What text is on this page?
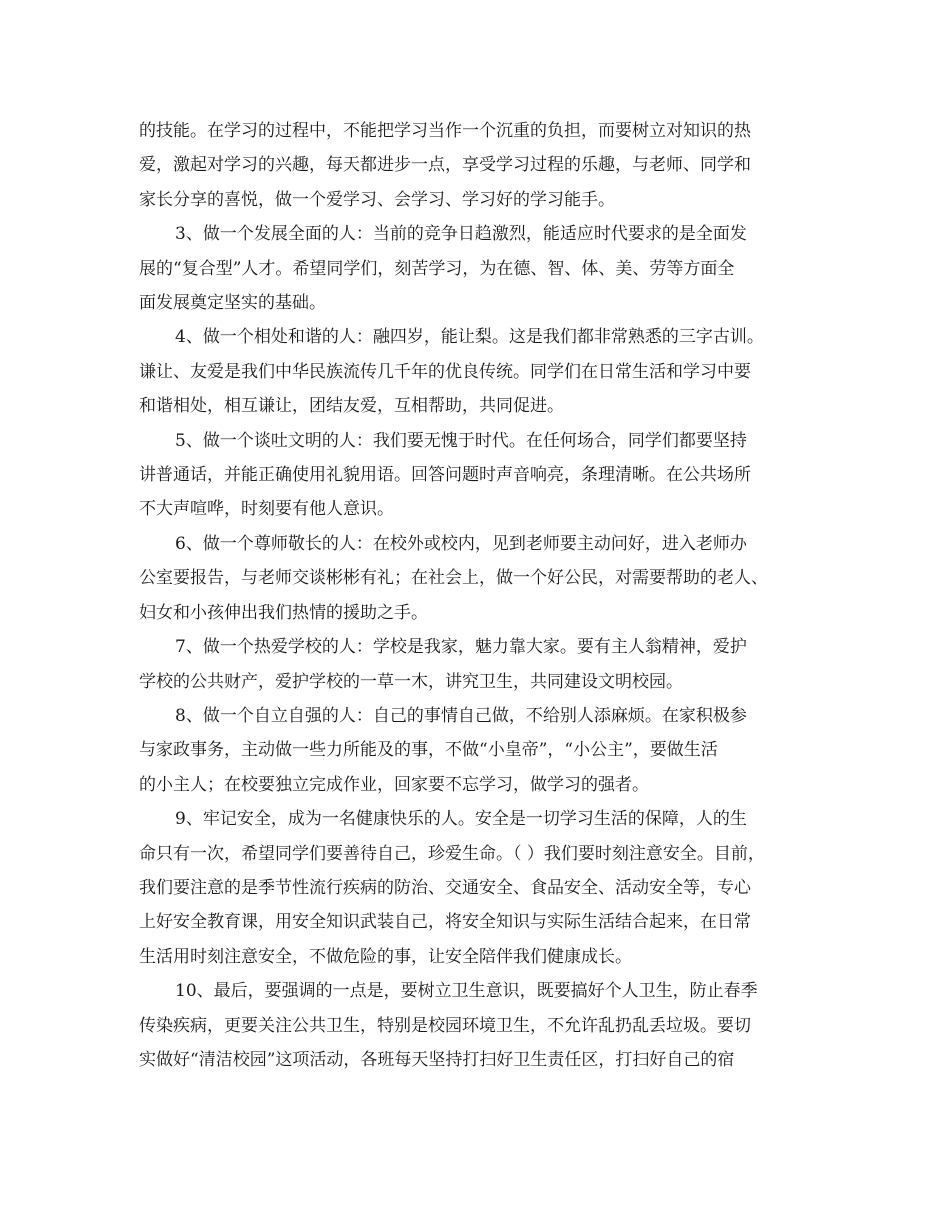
的技能。在学习的过程中，不能把学习当作一个沉重的负担，而要树立对知识的热
爱，激起对学习的兴趣，每天都进步一点，享受学习过程的乐趣，与老师、同学和
家长分享的喜悦，做一个爱学习、会学习、学习好的学习能手。

3、做一个发展全面的人：当前的竞争日趋激烈，能适应时代要求的是全面发
展的“复合型”人才。希望同学们，刻苦学习，为在德、智、体、美、劳等方面全
面发展奠定坚实的基础。

4、做一个相处和谐的人：融四岁，能让梨。这是我们都非常熟悉的三字古训。
谦让、友爱是我们中华民族流传几千年的优良传统。同学们在日常生活和学习中要
和谐相处，相互谦让，团结友爱，互相帮助，共同促进。

5、做一个谈吐文明的人：我们要无愧于时代。在任何场合，同学们都要坚持
讲普通话，并能正确使用礼貌用语。回答问题时声音响亮，条理清晰。在公共场所
不大声喧哗，时刻要有他人意识。

6、做一个尊师敬长的人：在校外或校内，见到老师要主动问好，进入老师办
公室要报告，与老师交谈彬彬有礼；在社会上，做一个好公民，对需要帮助的老人、
妇女和小孩伸出我们热情的援助之手。

7、做一个热爱学校的人：学校是我家，魅力靠大家。要有主人翁精神，爱护
学校的公共财产，爱护学校的一草一木，讲究卫生，共同建设文明校园。

8、做一个自立自强的人：自己的事情自己做，不给别人添麻烦。在家积极参
与家政事务，主动做一些力所能及的事，不做“小皇帝”，“小公主”，要做生活
的小主人；在校要独立完成作业，回家要不忘学习，做学习的强者。

9、牢记安全，成为一名健康快乐的人。安全是一切学习生活的保障，人的生
命只有一次，希望同学们要善待自己，珍爱生命。（ ）我们要时刻注意安全。目前，
我们要注意的是季节性流行疾病的防治、交通安全、食品安全、活动安全等，专心
上好安全教育课，用安全知识武装自己，将安全知识与实际生活结合起来，在日常
生活用时刻注意安全，不做危险的事，让安全陪伴我们健康成长。

10、最后，要强调的一点是，要树立卫生意识，既要搞好个人卫生，防止春季
传染疾病，更要关注公共卫生，特别是校园环境卫生，不允许乱扔乱丢垃圾。要切
实做好“清洁校园”这项活动，各班每天坚持打扫好卫生责任区，打扫好自己的宿
